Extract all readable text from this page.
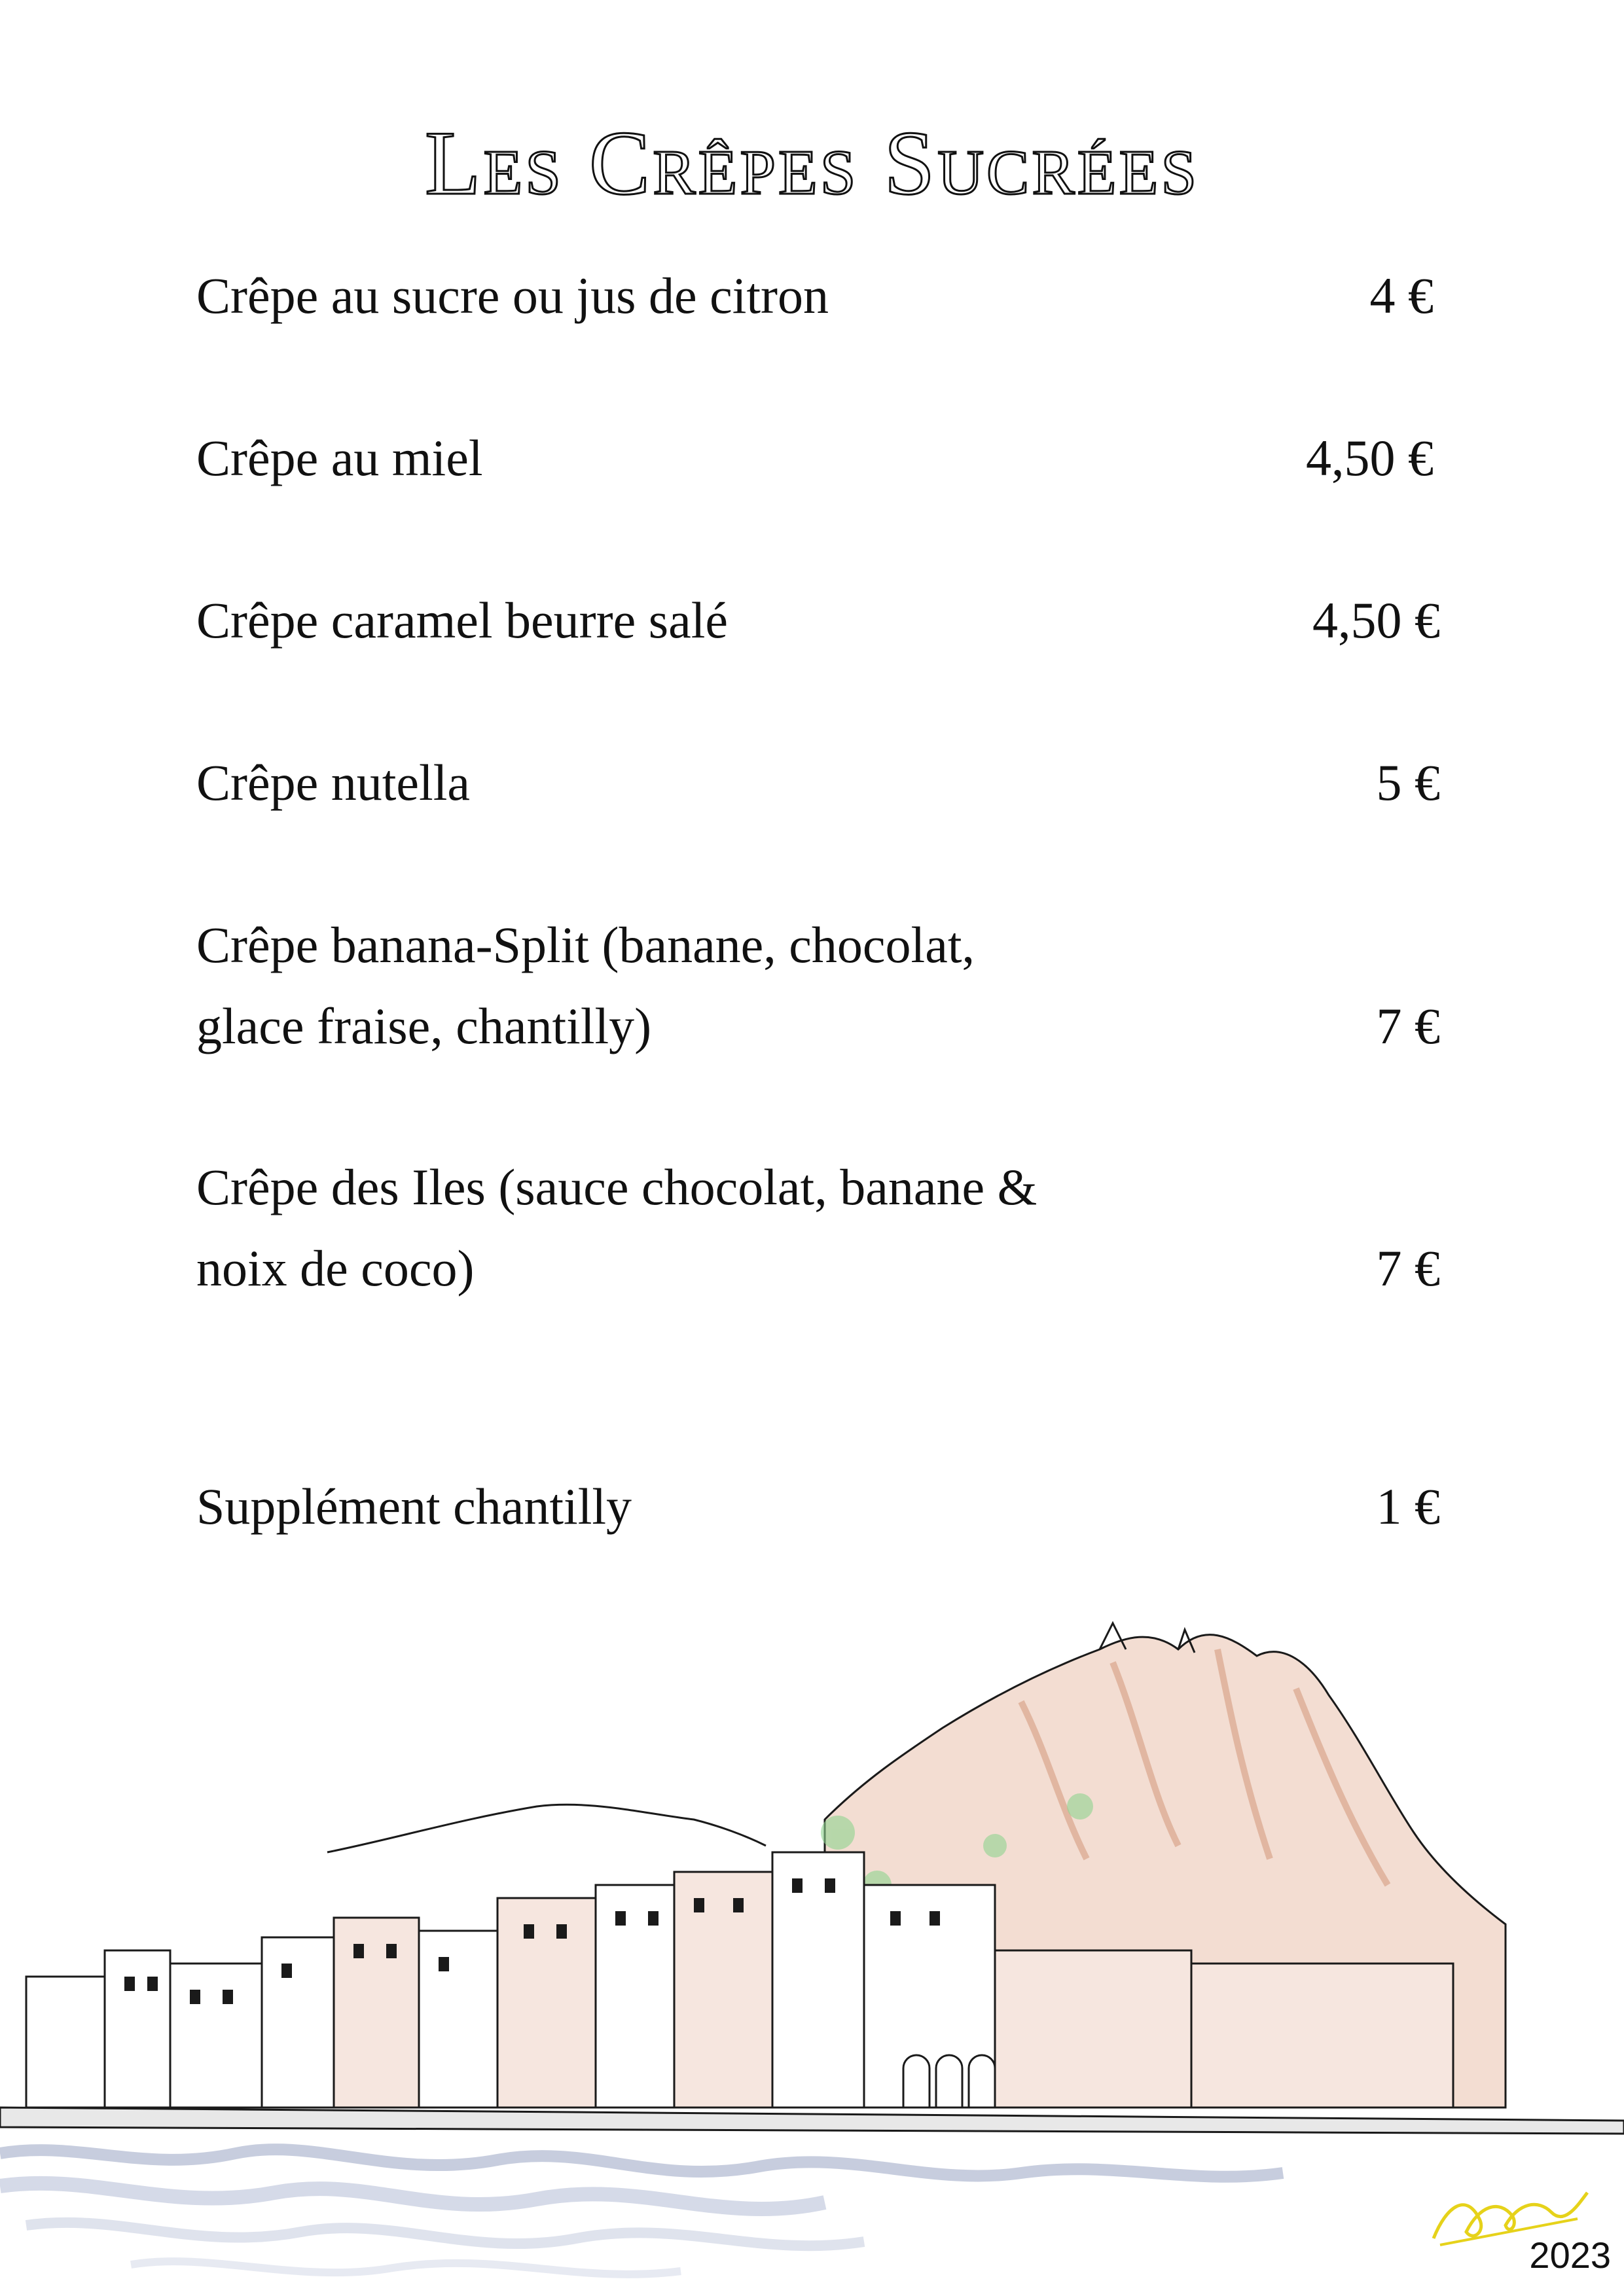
Les Crêpes Sucrées

Crêpe au sucre ou jus de citron	4 €

Crêpe au miel	4,50 €

Crêpe caramel beurre salé	4,50 €

Crêpe nutella	5 €

Crêpe banana-Split (banane, chocolat,
glace fraise, chantilly)	7 €

Crêpe des Iles (sauce chocolat, banane &
noix de coco)	7 €

Supplément chantilly	1 €
2023
